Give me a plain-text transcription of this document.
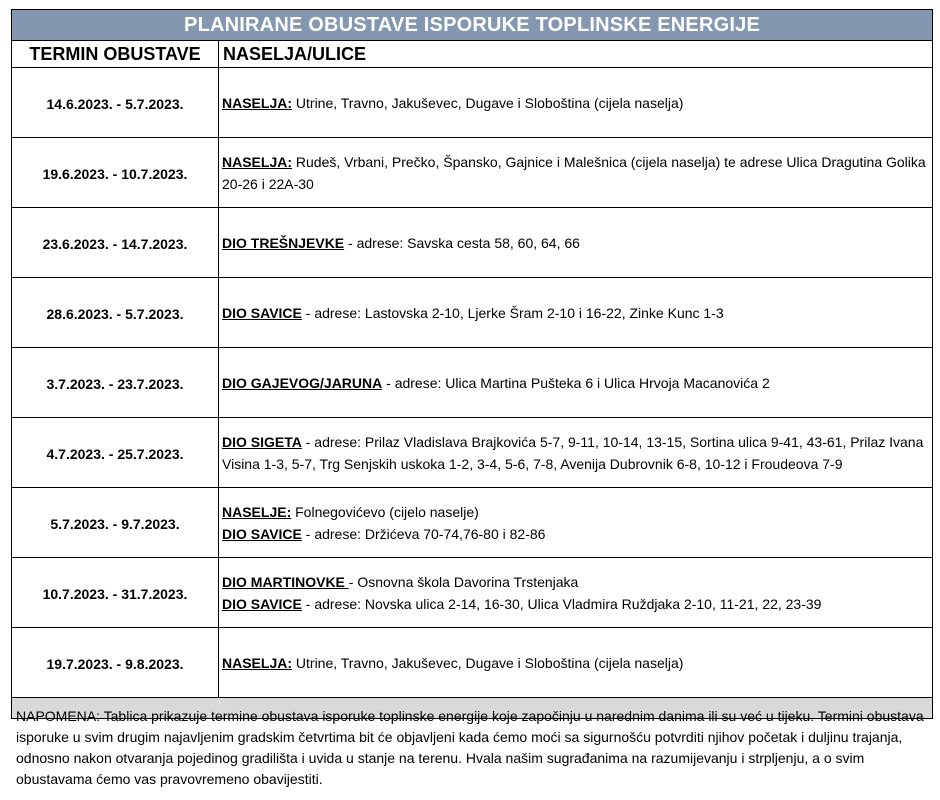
PLANIRANE OBUSTAVE ISPORUKE TOPLINSKE ENERGIJE	
TERMIN OBUSTAVE	NASELJA/ULICE
14.6.2023. - 5.7.2023.	NASELJA: Utrine, Travno, Jakuševec, Dugave i Sloboština (cijela naselja)

19.6.2023. - 10.7.2023.	NASELJA: Rudeš, Vrbani, Prečko, Špansko, Gajnice i Malešnica (cijela naselja) te adrese Ulica Dragutina Golika 20-26 i 22A-30

23.6.2023. - 14.7.2023.	DIO TREŠNJEVKE - adrese: Savska cesta 58, 60, 64, 66

28.6.2023. - 5.7.2023.	DIO SAVICE - adrese: Lastovska 2-10, Ljerke Šram 2-10 i 16-22, Zinke Kunc 1-3

3.7.2023. - 23.7.2023.	DIO GAJEVOG/JARUNA - adrese: Ulica Martina Pušteka 6 i Ulica Hrvoja Macanovića 2

4.7.2023. - 25.7.2023.	DIO SIGETA - adrese: Prilaz Vladislava Brajkovića 5-7, 9-11, 10-14, 13-15, Sortina ulica 9-41, 43-61, Prilaz Ivana Visina 1-3, 5-7, Trg Senjskih uskoka 1-2, 3-4, 5-6, 7-8, Avenija Dubrovnik 6-8, 10-12 i Froudeova 7-9

5.7.2023. - 9.7.2023.	NASELJE: Folnegovićevo (cijelo naselje)
DIO SAVICE - adrese: Držićeva 70-74,76-80 i 82-86

10.7.2023. - 31.7.2023.	DIO MARTINOVKE - Osnovna škola Davorina Trstenjaka
DIO SAVICE - adrese: Novska ulica 2-14, 16-30, Ulica Vladmira Ruždjaka 2-10, 11-21, 22, 23-39

19.7.2023. - 9.8.2023.	NASELJA: Utrine, Travno, Jakuševec, Dugave i Sloboština (cijela naselja)

NAPOMENA: Tablica prikazuje termine obustava isporuke toplinske energije koje započinju u narednim danima ili su već u tijeku. Termini obustava isporuke u svim drugim najavljenim gradskim četvrtima bit će objavljeni kada ćemo moći sa sigurnošću potvrditi njihov početak i duljinu trajanja, odnosno nakon otvaranja pojedinog gradilišta i uvida u stanje na terenu. Hvala našim sugrađanima na razumijevanju i strpljenju, a o svim obustavama ćemo vas pravovremeno obavijestiti.
